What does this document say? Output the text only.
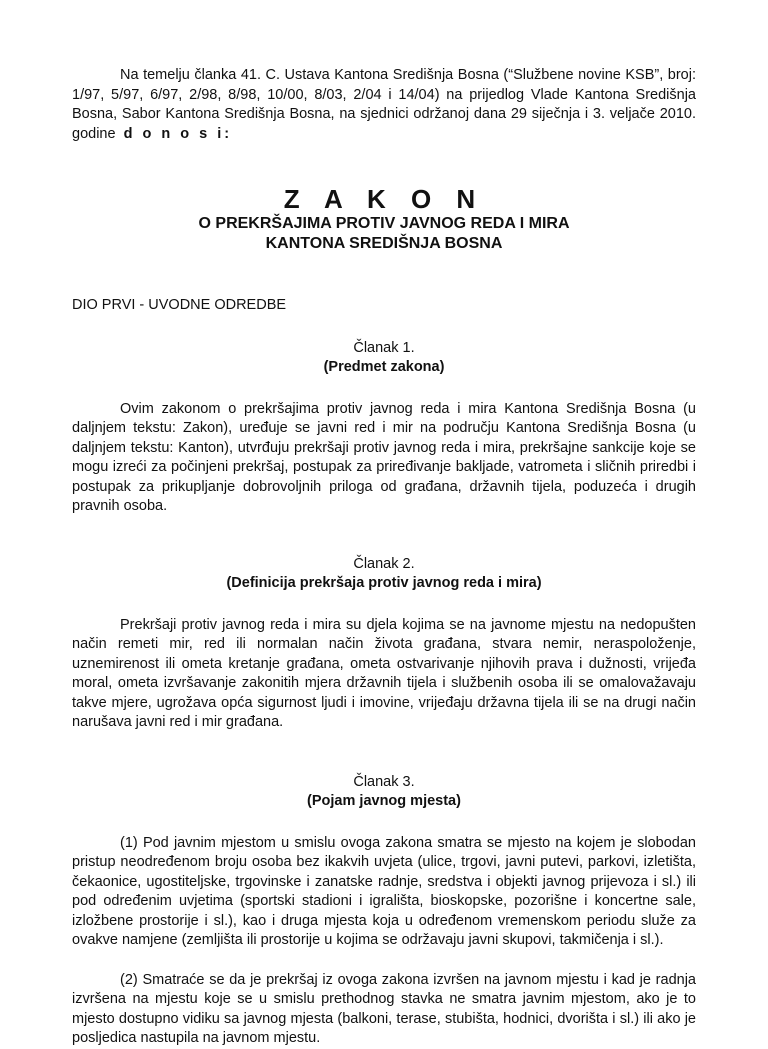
Na temelju članka 41. C. Ustava Kantona Središnja Bosna (“Službene novine KSB”, broj: 1/97, 5/97, 6/97, 2/98, 8/98, 10/00, 8/03, 2/04 i 14/04) na prijedlog Vlade Kantona Središnja Bosna, Sabor Kantona Središnja Bosna, na sjednici održanoj dana 29 siječnja i 3. veljače 2010. godine d o n o s i:

Z A K O N

O PREKRŠAJIMA PROTIV JAVNOG REDA I MIRA

KANTONA SREDIŠNJA BOSNA

DIO PRVI - UVODNE ODREDBE

Članak 1.

(Predmet zakona)

Ovim zakonom o prekršajima protiv javnog reda i mira Kantona Središnja Bosna (u daljnjem tekstu: Zakon), uređuje se javni red i mir na području Kantona Središnja Bosna (u daljnjem tekstu: Kanton), utvrđuju prekršaji protiv javnog reda i mira, prekršajne sankcije koje se mogu izreći za počinjeni prekršaj, postupak za priređivanje baklјade, vatrometa i sličnih priredbi i postupak za prikupljanje dobrovoljnih priloga od građana, državnih tijela, poduzeća i drugih pravnih osoba.

Članak 2.

(Definicija prekršaja protiv javnog reda i mira)

Prekršaji protiv javnog reda i mira su djela kojima se na javnome mjestu na nedopušten način remeti mir, red ili normalan način života građana, stvara nemir, neraspoloženje, uznemirenost ili ometa kretanje građana, ometa ostvarivanje njihovih prava i dužnosti, vrijeđa moral, ometa izvršavanje zakonitih mjera državnih tijela i službenih osoba ili se omalovažavaju takve mjere, ugrožava opća sigurnost ljudi i imovine, vrijeđaju državna tijela ili se na drugi način narušava javni red i mir građana.

Članak 3.

(Pojam javnog mjesta)

(1) Pod javnim mjestom u smislu ovoga zakona smatra se mjesto na kojem je slobodan pristup neodređenom broju osoba bez ikakvih uvjeta (ulice, trgovi, javni putevi, parkovi, izletišta, čekaonice, ugostiteljske, trgovinske i zanatske radnje, sredstva i objekti javnog prijevoza i sl.) ili pod određenim uvjetima (sportski stadioni i igrališta, bioskopske, pozorišne i koncertne sale, izložbene prostorije i sl.), kao i druga mjesta koja u određenom vremenskom periodu služe za ovakve namjene (zemljišta ili prostorije u kojima se održavaju javni skupovi, takmičenja i sl.).

(2) Smatraće se da je prekršaj iz ovoga zakona izvršen na javnom mjestu i kad je radnja izvršena na mjestu koje se u smislu prethodnog stavka ne smatra javnim mjestom, ako je to mjesto dostupno vidiku sa javnog mjesta (balkoni, terase, stubišta, hodnici, dvorišta i sl.) ili ako je posljedica nastupila na javnom mjestu.
